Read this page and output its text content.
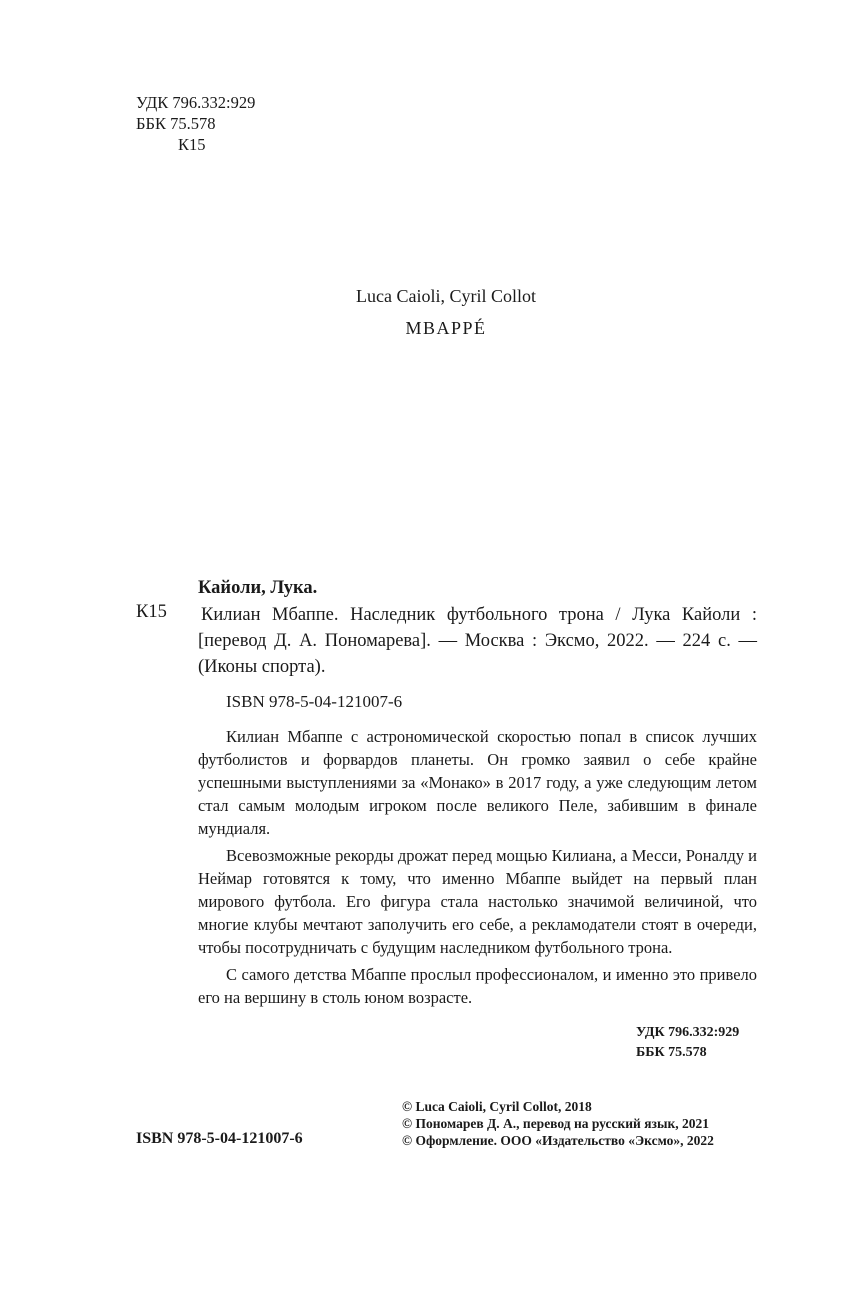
УДК 796.332:929
ББК 75.578
К15
Luca Caioli, Cyril Collot
MBAPPÉ
Кайоли, Лука.
К15 Килиан Мбаппе. Наследник футбольного трона / Лука Кайоли : [перевод Д. А. Пономарева]. — Москва : Эксмо, 2022. — 224 с. — (Иконы спорта).
ISBN 978-5-04-121007-6

Килиан Мбаппе с астрономической скоростью попал в список лучших футболистов и форвардов планеты. Он громко заявил о себе крайне успешными выступлениями за «Монако» в 2017 году, а уже следующим летом стал самым молодым игроком после великого Пеле, забившим в финале мундиаля.

Всевозможные рекорды дрожат перед мощью Килиана, а Месси, Роналду и Неймар готовятся к тому, что именно Мбаппе выйдет на первый план мирового футбола. Его фигура стала настолько значимой величиной, что многие клубы мечтают заполучить его себе, а рекламодатели стоят в очереди, чтобы посотрудничать с будущим наследником футбольного трона.

С самого детства Мбаппе прослыл профессионалом, и именно это привело его на вершину в столь юном возрасте.

УДК 796.332:929
ББК 75.578
ISBN 978-5-04-121007-6
© Luca Caioli, Cyril Collot, 2018
© Пономарев Д. А., перевод на русский язык, 2021
© Оформление. ООО «Издательство «Эксмо», 2022
